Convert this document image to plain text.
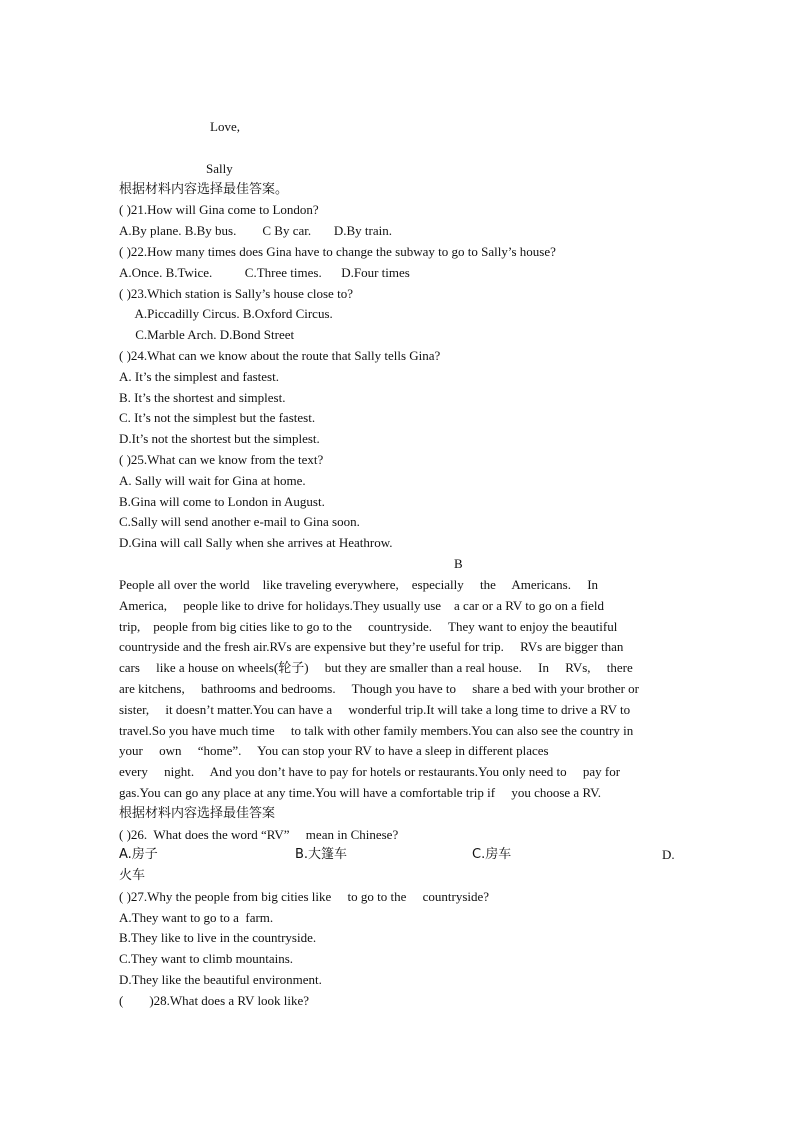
Love,
Sally
根据材料内容选择最佳答案。
( )21.How will Gina come to London?
A.By plane. B.By bus.        C By car.       D.By train.
( )22.How many times does Gina have to change the subway to go to Sally’s house?
A.Once. B.Twice.          C.Three times.      D.Four times
( )23.Which station is Sally’s house close to?
A.Piccadilly Circus. B.Oxford Circus.
C.Marble Arch. D.Bond Street
( )24.What can we know about the route that Sally tells Gina?
A. It’s the simplest and fastest.
B. It’s the shortest and simplest.
C. It’s not the simplest but the fastest.
D.It’s not the shortest but the simplest.
( )25.What can we know from the text?
A. Sally will wait for Gina at home.
B.Gina will come to London in August.
C.Sally will send another e-mail to Gina soon.
D.Gina will call Sally when she arrives at Heathrow.
B
People all over the world    like traveling everywhere,    especially     the     Americans.     In
America,     people like to drive for holidays.They usually use    a car or a RV to go on a field
trip,    people from big cities like to go to the     countryside.     They want to enjoy the beautiful
countryside and the fresh air.RVs are expensive but they’re useful for trip.     RVs are bigger than
cars     like a house on wheels(轮子)     but they are smaller than a real house.     In     RVs,     there
are kitchens,     bathrooms and bedrooms.     Though you have to     share a bed with your brother or
sister,     it doesn’t matter.You can have a     wonderful trip.It will take a long time to drive a RV to
travel.So you have much time     to talk with other family members.You can also see the country in
your     own     “home”.     You can stop your RV to have a sleep in different places
every     night.     And you don’t have to pay for hotels or restaurants.You only need to     pay for
gas.You can go any place at any time.You will have a comfortable trip if     you choose a RV.
根据材料内容选择最佳答案
( )26.  What does the word “RV”     mean in Chinese?
A.房子	B.大篷车	C.房车	D.
火车
( )27.Why the people from big cities like     to go to the     countryside?
A.They want to go to a  farm.
B.They like to live in the countryside.
C.They want to climb mountains.
D.They like the beautiful environment.
(        )28.What does a RV look like?
